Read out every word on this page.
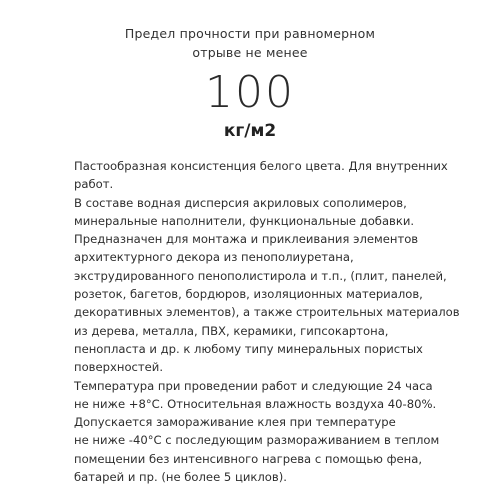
Предел прочности при равномерном
отрыве не менее
100
кг/м2
Пастообразная консистенция белого цвета. Для внутренних
работ.
В составе водная дисперсия акриловых сополимеров,
минеральные наполнители, функциональные добавки.
Предназначен для монтажа и приклеивания элементов
архитектурного декора из пенополиуретана,
экструдированного пенополистирола и т.п., (плит, панелей,
розеток, багетов, бордюров, изоляционных материалов,
декоративных элементов), а также строительных материалов
из дерева, металла, ПВХ, керамики, гипсокартона,
пенопласта и др. к любому типу минеральных пористых
поверхностей.
Температура при проведении работ и следующие 24 часа
не ниже +8°С. Относительная влажность воздуха 40-80%.
Допускается замораживание клея при температуре
не ниже -40°С с последующим размораживанием в теплом
помещении без интенсивного нагрева с помощью фена,
батарей и пр. (не более 5 циклов).
